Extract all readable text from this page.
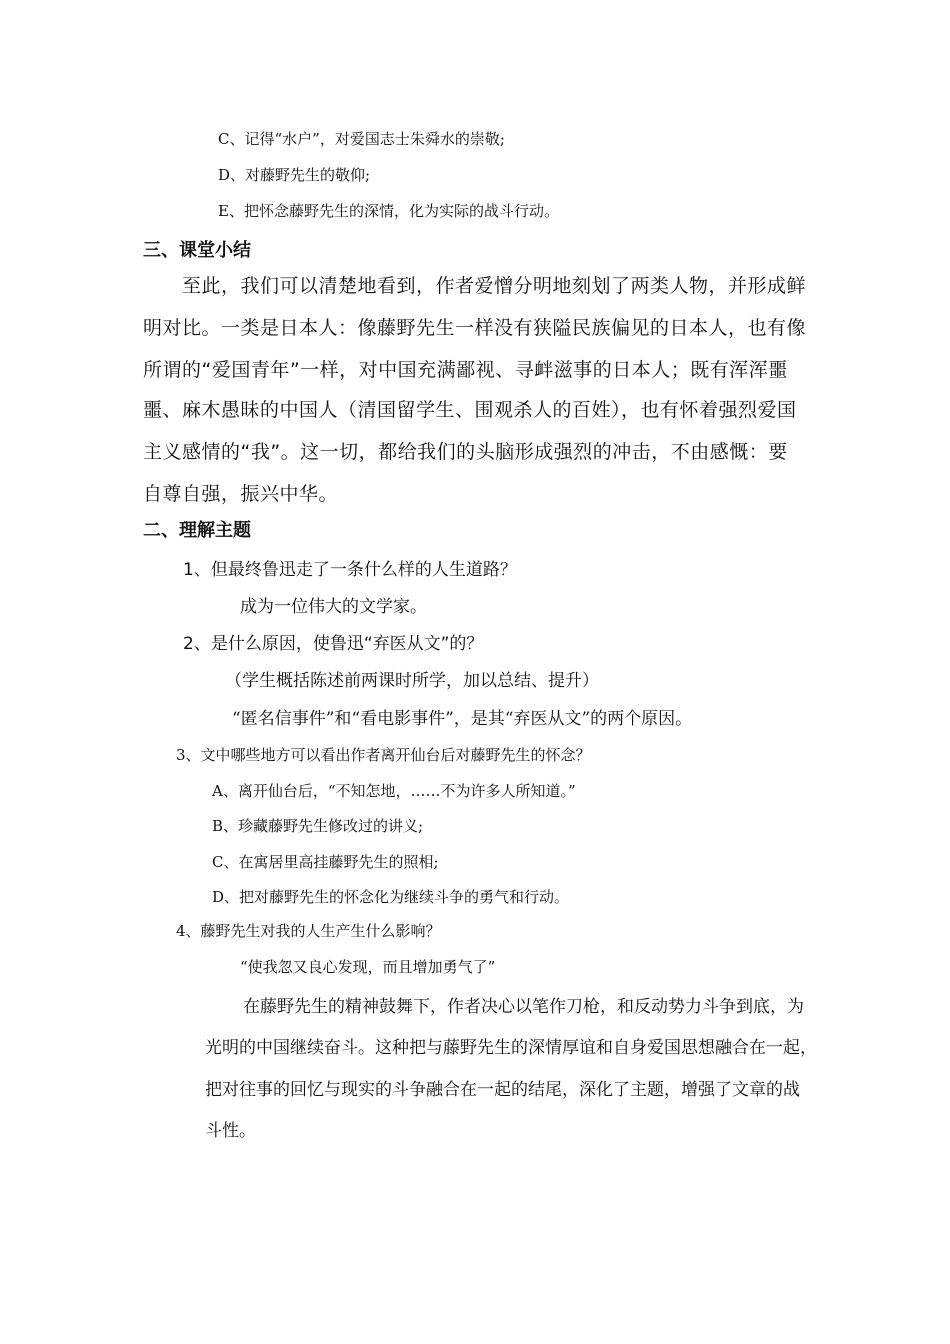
C、记得“水户”，对爱国志士朱舜水的崇敬;
D、对藤野先生的敬仰;
E、把怀念藤野先生的深情，化为实际的战斗行动。
三、课堂小结
至此，我们可以清楚地看到，作者爱憎分明地刻划了两类人物，并形成鲜
明对比。一类是日本人：像藤野先生一样没有狭隘民族偏见的日本人，也有像
所谓的“爱国青年”一样，对中国充满鄙视、寻衅滋事的日本人；既有浑浑噩
噩、麻木愚昧的中国人（清国留学生、围观杀人的百姓），也有怀着强烈爱国
主义感情的“我”。这一切，都给我们的头脑形成强烈的冲击，不由感慨：要
自尊自强，振兴中华。
二、理解主题
1、但最终鲁迅走了一条什么样的人生道路？
成为一位伟大的文学家。
2、是什么原因，使鲁迅“弃医从文”的？
（学生概括陈述前两课时所学，加以总结、提升）
“匿名信事件”和“看电影事件”，是其“弃医从文”的两个原因。
3、文中哪些地方可以看出作者离开仙台后对藤野先生的怀念？
A、离开仙台后，“不知怎地，……不为许多人所知道。”
B、珍藏藤野先生修改过的讲义;
C、在寓居里高挂藤野先生的照相;
D、把对藤野先生的怀念化为继续斗争的勇气和行动。
4、藤野先生对我的人生产生什么影响？
“使我忽又良心发现，而且增加勇气了”
在藤野先生的精神鼓舞下，作者决心以笔作刀枪，和反动势力斗争到底，为
光明的中国继续奋斗。这种把与藤野先生的深情厚谊和自身爱国思想融合在一起，
把对往事的回忆与现实的斗争融合在一起的结尾，深化了主题，增强了文章的战
斗性。
